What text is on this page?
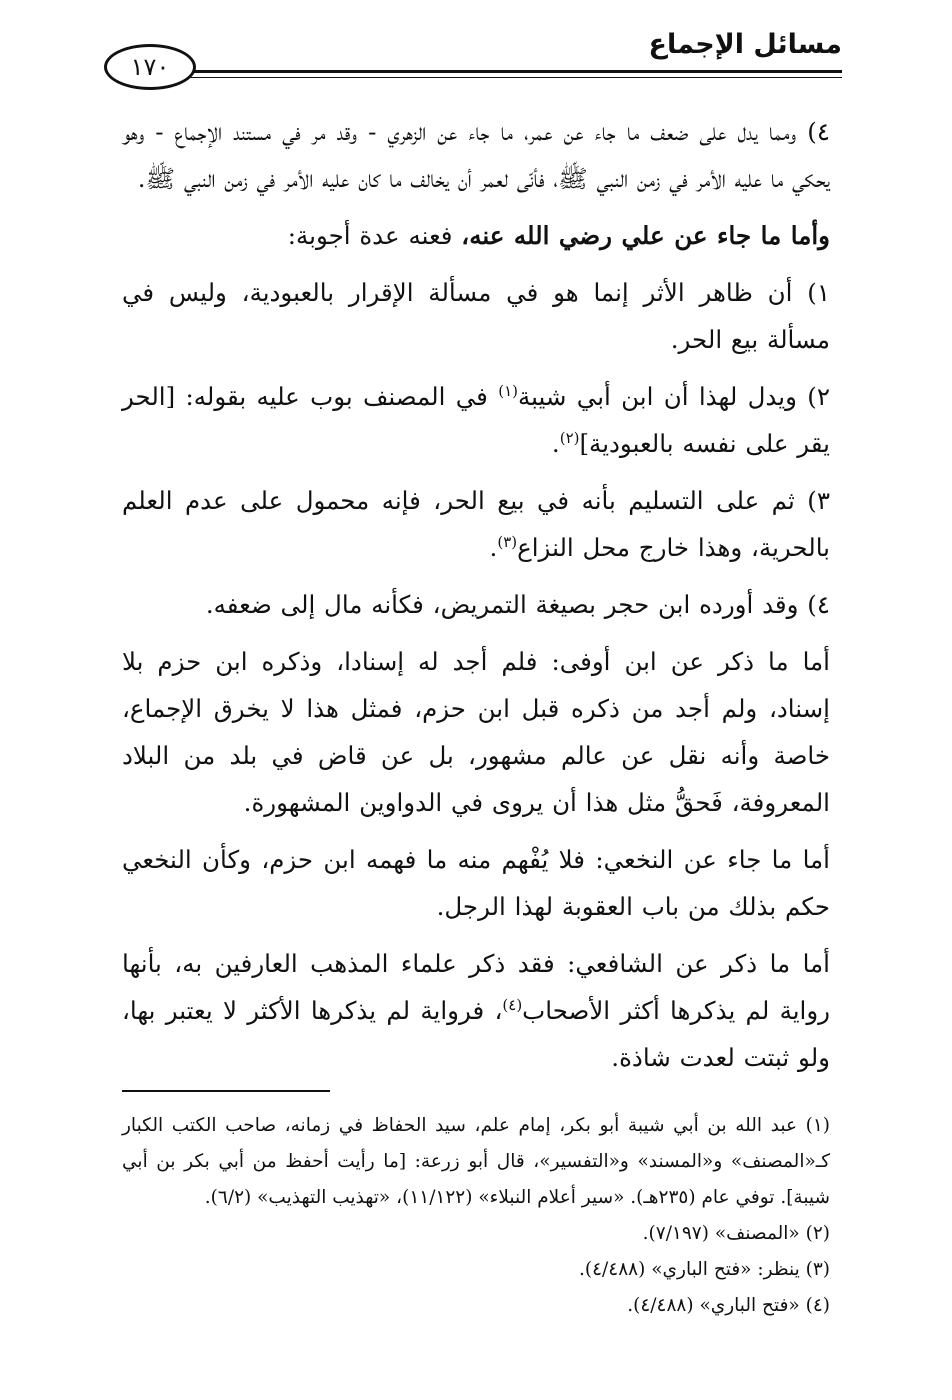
مسائل الإجماع
١٧٠

٤) ومما يدل على ضعف ما جاء عن عمر، ما جاء عن الزهري - وقد مر في مستند الإجماع - وهو يحكي ما عليه الأمر في زمن النبي ﷺ، فأنّى لعمر أن يخالف ما كان عليه الأمر في زمن النبي ﷺ.

وأما ما جاء عن علي رضي الله عنه، فعنه عدة أجوبة:

١) أن ظاهر الأثر إنما هو في مسألة الإقرار بالعبودية، وليس في مسألة بيع الحر.

٢) ويدل لهذا أن ابن أبي شيبة$^{(١)}$ في المصنف بوب عليه بقوله: [الحر يقر على نفسه بالعبودية]$^{(٢)}$.

٣) ثم على التسليم بأنه في بيع الحر، فإنه محمول على عدم العلم بالحرية، وهذا خارج محل النزاع$^{(٣)}$.

٤) وقد أورده ابن حجر بصيغة التمريض، فكأنه مال إلى ضعفه.

أما ما ذكر عن ابن أوفى: فلم أجد له إسنادا، وذكره ابن حزم بلا إسناد، ولم أجد من ذكره قبل ابن حزم، فمثل هذا لا يخرق الإجماع، خاصة وأنه نقل عن عالم مشهور، بل عن قاض في بلد من البلاد المعروفة، فَحقُّ مثل هذا أن يروى في الدواوين المشهورة.

أما ما جاء عن النخعي: فلا يُفْهم منه ما فهمه ابن حزم، وكأن النخعي حكم بذلك من باب العقوبة لهذا الرجل.

أما ما ذكر عن الشافعي: فقد ذكر علماء المذهب العارفين به، بأنها رواية لم يذكرها أكثر الأصحاب$^{(٤)}$، فرواية لم يذكرها الأكثر لا يعتبر بها، ولو ثبتت لعدت شاذة.

(١) عبد الله بن أبي شيبة أبو بكر، إمام علم، سيد الحفاظ في زمانه، صاحب الكتب الكبار كـ«المصنف» و«المسند» و«التفسير»، قال أبو زرعة: [ما رأيت أحفظ من أبي بكر بن أبي شيبة]. توفي عام (٢٣٥هـ). «سير أعلام النبلاء» (١١/١٢٢)، «تهذيب التهذيب» (٦/٢).

(٢) «المصنف» (٧/١٩٧).

(٣) ينظر: «فتح الباري» (٤/٤٨٨).

(٤) «فتح الباري» (٤/٤٨٨).
